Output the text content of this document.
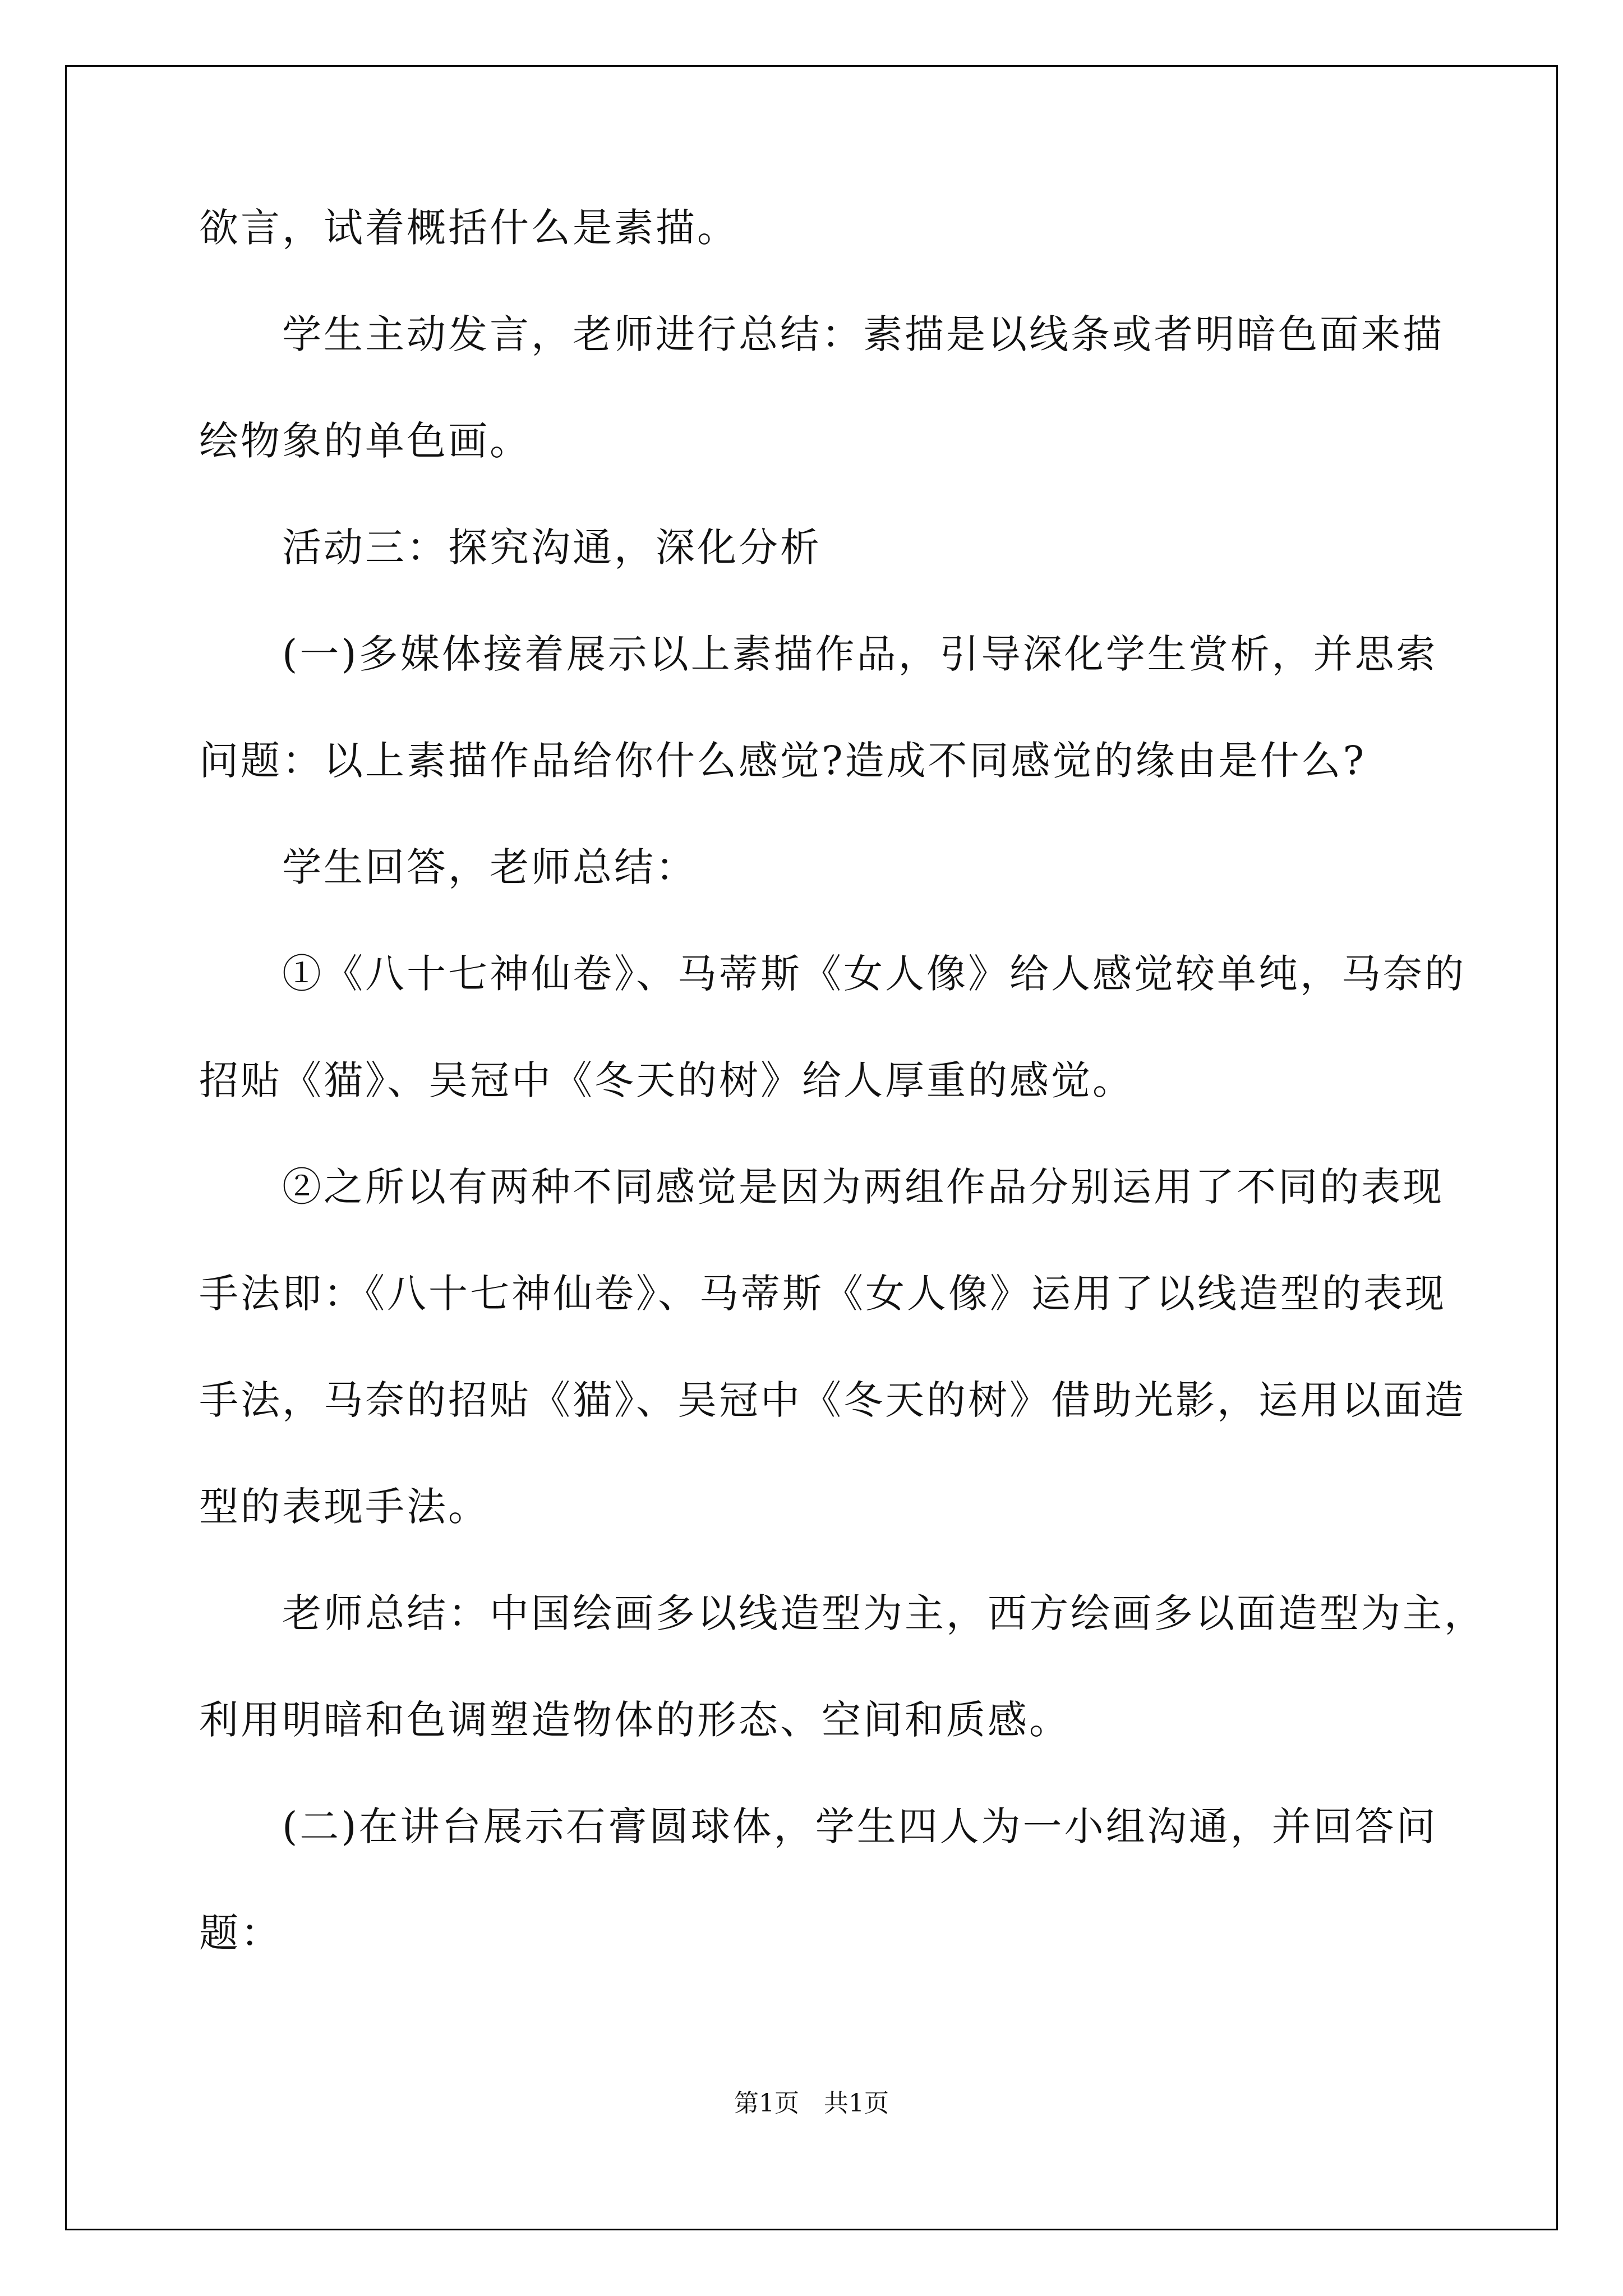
欲言，试着概括什么是素描。
学生主动发言，老师进行总结：素描是以线条或者明暗色面来描
绘物象的单色画。
活动三：探究沟通，深化分析
(一)多媒体接着展示以上素描作品，引导深化学生赏析，并思索
问题：以上素描作品给你什么感觉?造成不同感觉的缘由是什么?
学生回答，老师总结：
①《八十七神仙卷》、马蒂斯《女人像》给人感觉较单纯，马奈的
招贴《猫》、吴冠中《冬天的树》给人厚重的感觉。
②之所以有两种不同感觉是因为两组作品分别运用了不同的表现
手法即：《八十七神仙卷》、马蒂斯《女人像》运用了以线造型的表现
手法，马奈的招贴《猫》、吴冠中《冬天的树》借助光影，运用以面造
型的表现手法。
老师总结：中国绘画多以线造型为主，西方绘画多以面造型为主，
利用明暗和色调塑造物体的形态、空间和质感。
(二)在讲台展示石膏圆球体，学生四人为一小组沟通，并回答问
题：
第1页　共1页
